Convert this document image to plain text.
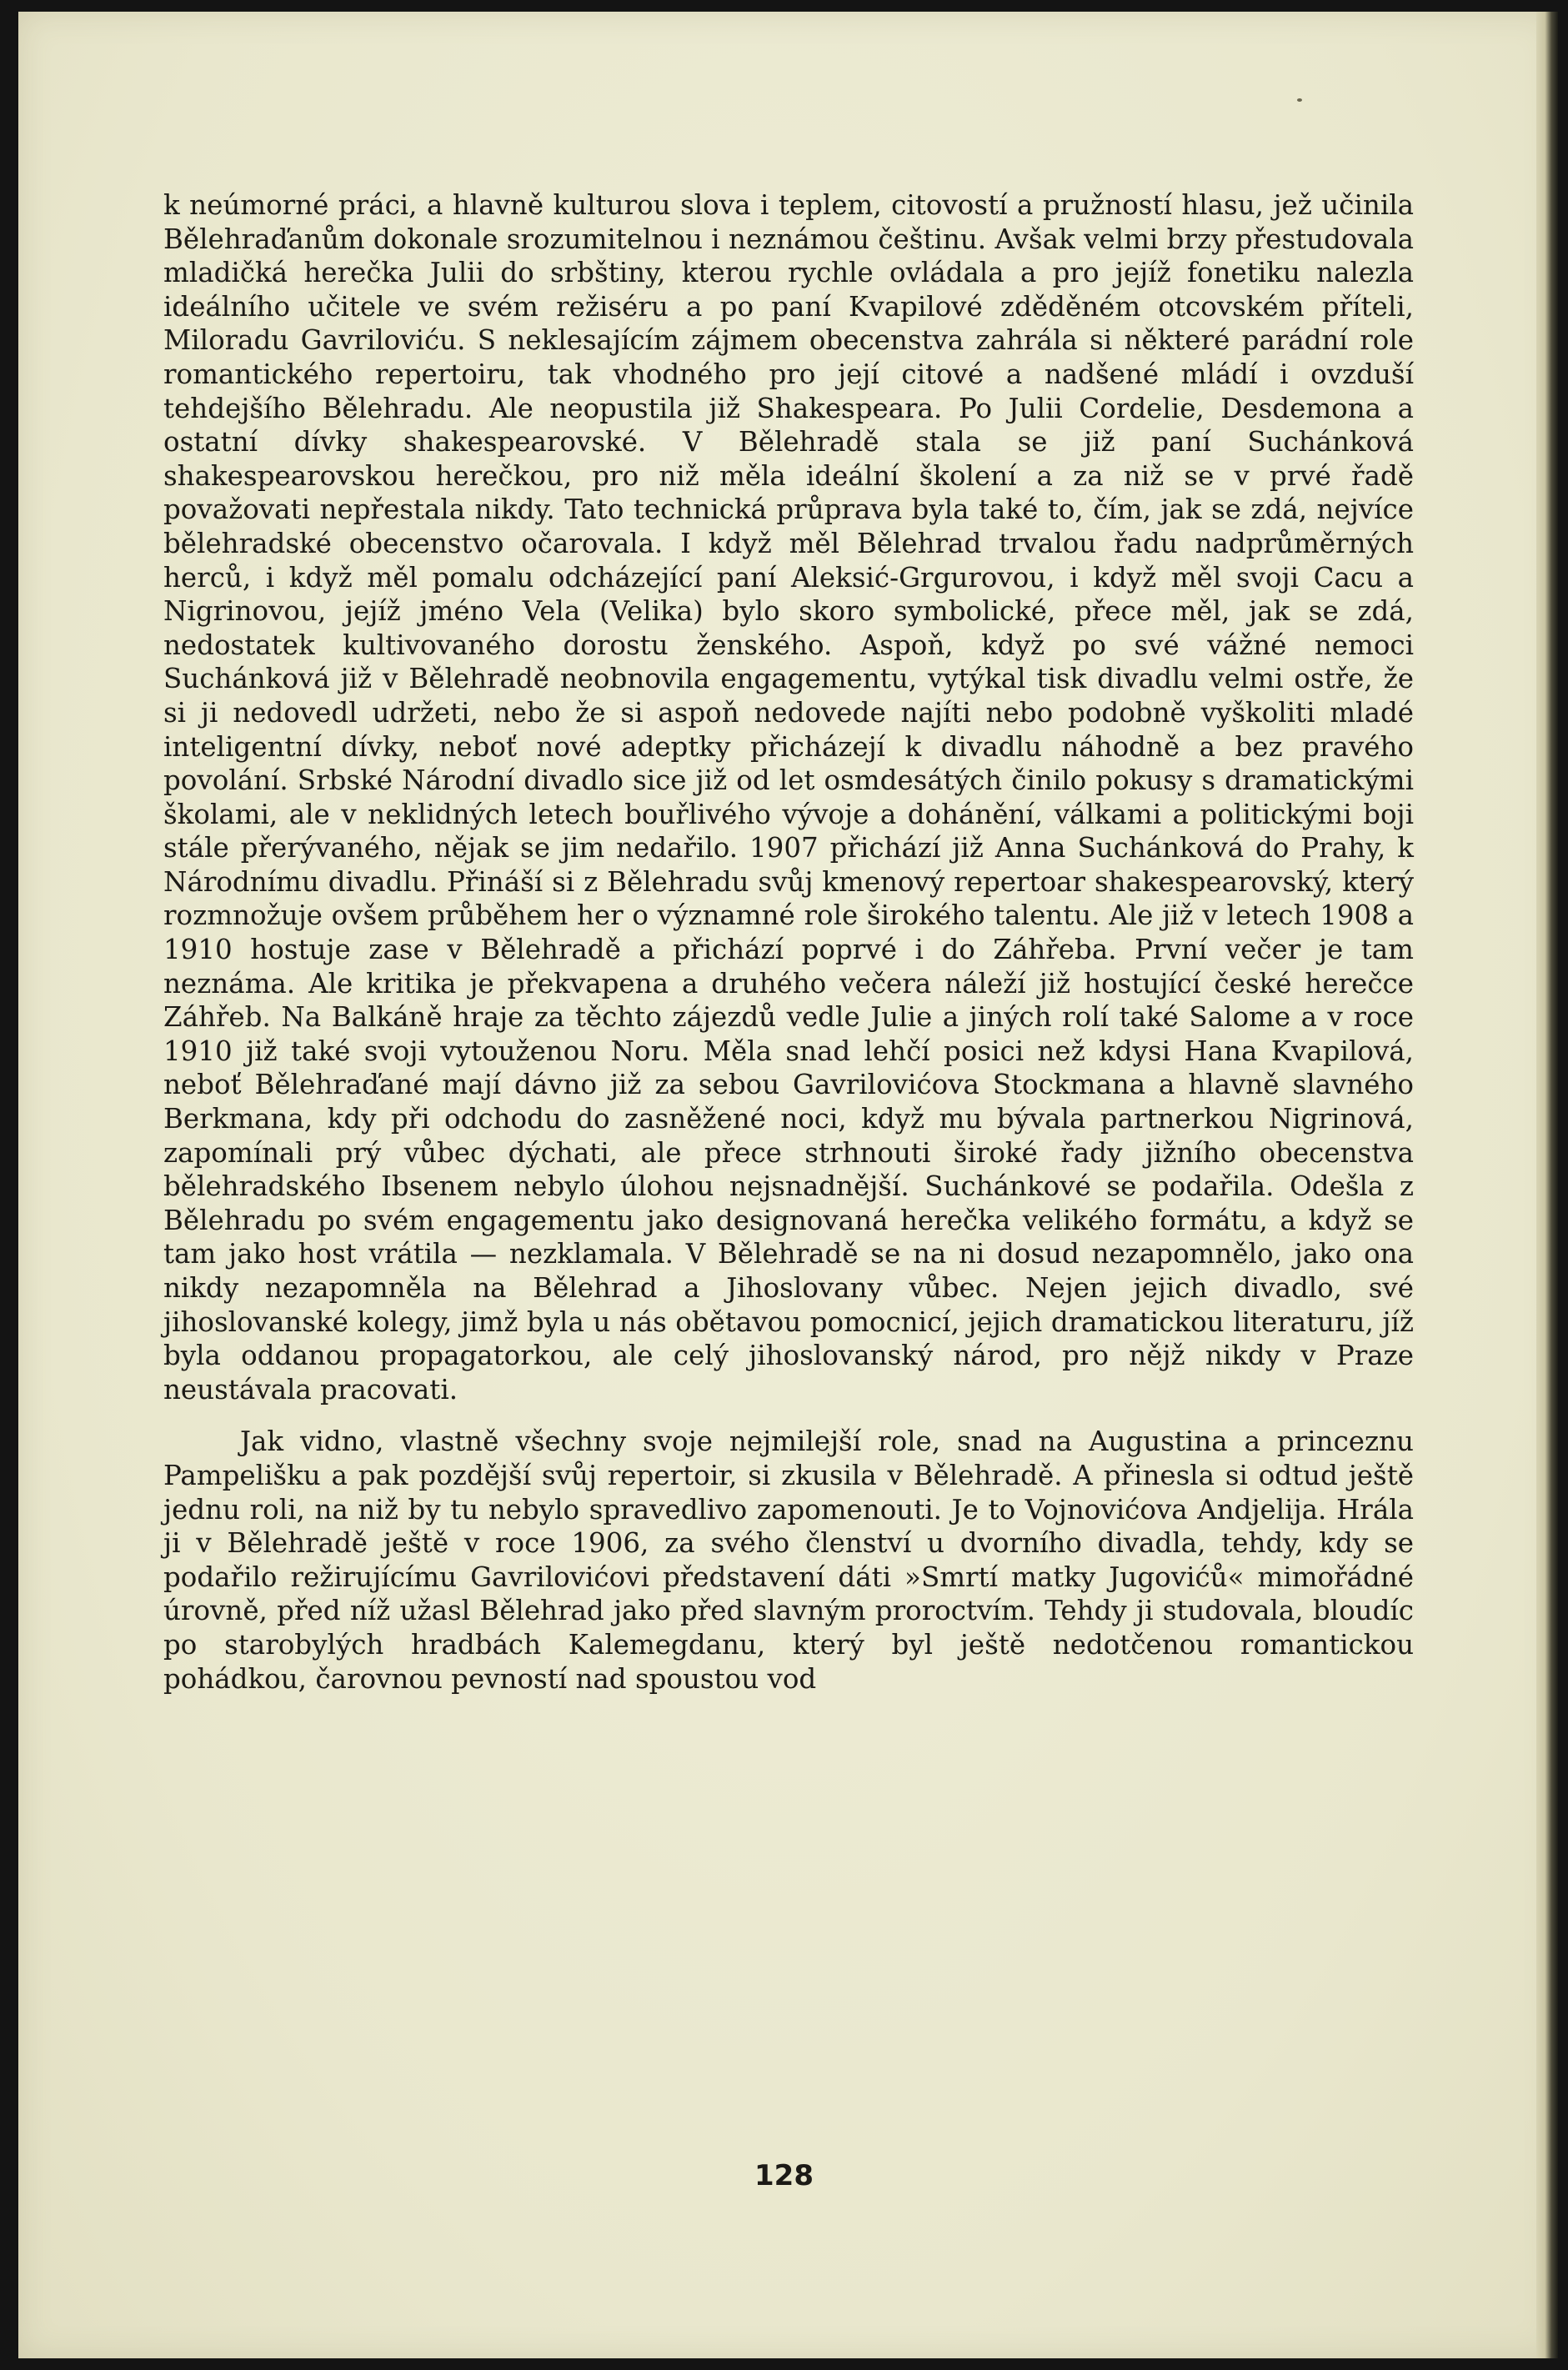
k neúmorné práci, a hlavně kulturou slova i teplem, citovostí a pružností hlasu, jež učinila Bělehraďanům dokonale srozumitelnou i neznámou češtinu. Avšak velmi brzy přestudovala mladičká herečka Julii do srbštiny, kterou rychle ovládala a pro jejíž fonetiku nalezla ideálního učitele ve svém režiséru a po paní Kvapilové zděděném otcovském příteli, Miloradu Gavriloviću. S neklesajícím zájmem obecenstva zahrála si některé parádní role romantického repertoiru, tak vhodného pro její citové a nadšené mládí i ovzduší tehdejšího Bělehradu. Ale neopustila již Shakespeara. Po Julii Cordelie, Desdemona a ostatní dívky shakespearovské. V Bělehradě stala se již paní Suchánková shakespearovskou herečkou, pro niž měla ideální školení a za niž se v prvé řadě považovati nepřestala nikdy. Tato technická průprava byla také to, čím, jak se zdá, nejvíce bělehradské obecenstvo očarovala. I když měl Bělehrad trvalou řadu nadprůměrných herců, i když měl pomalu odcházející paní Aleksić-Grgurovou, i když měl svoji Cacu a Nigrinovou, jejíž jméno Vela (Velika) bylo skoro symbolické, přece měl, jak se zdá, nedostatek kultivovaného dorostu ženského. Aspoň, když po své vážné nemoci Suchánková již v Bělehradě neobnovila engagementu, vytýkal tisk divadlu velmi ostře, že si ji nedovedl udržeti, nebo že si aspoň nedovede najíti nebo podobně vyškoliti mladé inteligentní dívky, neboť nové adeptky přicházejí k divadlu náhodně a bez pravého povolání. Srbské Národní divadlo sice již od let osmdesátých činilo pokusy s dramatickými školami, ale v neklidných letech bouřlivého vývoje a dohánění, válkami a politickými boji stále přerývaného, nějak se jim nedařilo. 1907 přichází již Anna Suchánková do Prahy, k Národnímu divadlu. Přináší si z Bělehradu svůj kmenový repertoar shakespearovský, který rozmnožuje ovšem průběhem her o významné role širokého talentu. Ale již v letech 1908 a 1910 hostuje zase v Bělehradě a přichází poprvé i do Záhřeba. První večer je tam neznáma. Ale kritika je překvapena a druhého večera náleží již hostující české herečce Záhřeb. Na Balkáně hraje za těchto zájezdů vedle Julie a jiných rolí také Salome a v roce 1910 již také svoji vytouženou Noru. Měla snad lehčí posici než kdysi Hana Kvapilová, neboť Bělehraďané mají dávno již za sebou Gavrilovićova Stockmana a hlavně slavného Berkmana, kdy při odchodu do zasněžené noci, když mu bývala partnerkou Nigrinová, zapomínali prý vůbec dýchati, ale přece strhnouti široké řady jižního obecenstva bělehradského Ibsenem nebylo úlohou nejsnadnější. Suchánkové se podařila. Odešla z Bělehradu po svém engagementu jako designovaná herečka velikého formátu, a když se tam jako host vrátila — nezklamala. V Bělehradě se na ni dosud nezapomnělo, jako ona nikdy nezapomněla na Bělehrad a Jihoslovany vůbec. Nejen jejich divadlo, své jihoslovanské kolegy, jimž byla u nás obětavou pomocnicí, jejich dramatickou literaturu, jíž byla oddanou propagatorkou, ale celý jihoslovanský národ, pro nějž nikdy v Praze neustávala pracovati.

Jak vidno, vlastně všechny svoje nejmilejší role, snad na Augustina a princeznu Pampelišku a pak pozdější svůj repertoir, si zkusila v Bělehradě. A přinesla si odtud ještě jednu roli, na niž by tu nebylo spravedlivo zapomenouti. Je to Vojnovićova Andjelija. Hrála ji v Bělehradě ještě v roce 1906, za svého členství u dvorního divadla, tehdy, kdy se podařilo režirujícímu Gavrilovićovi představení dáti »Smrtí matky Jugovićů« mimořádné úrovně, před níž užasl Bělehrad jako před slavným proroctvím. Tehdy ji studovala, bloudíc po starobylých hradbách Kalemegdanu, který byl ještě nedotčenou romantickou pohádkou, čarovnou pevností nad spoustou vod

128
